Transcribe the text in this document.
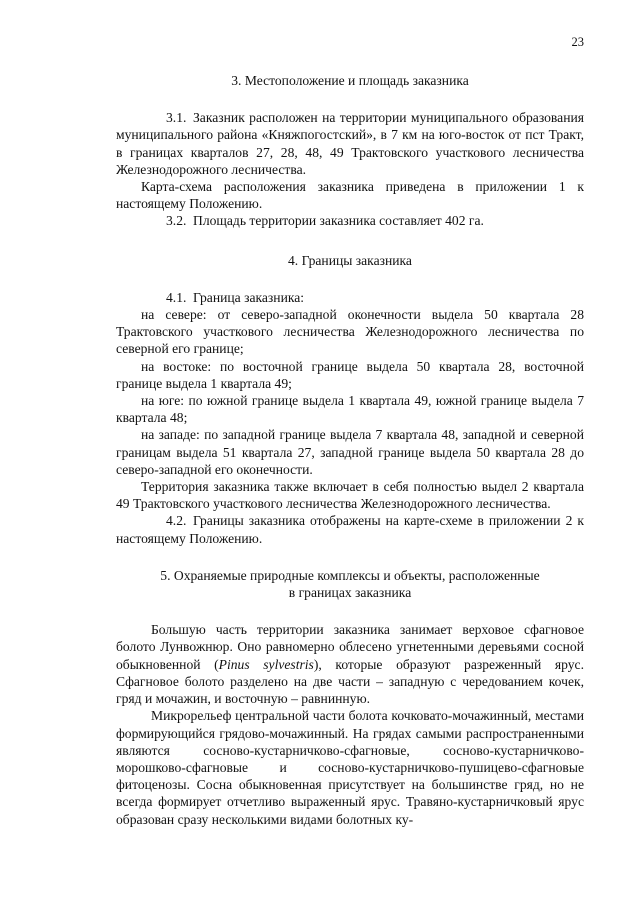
23
3. Местоположение и площадь заказника

3.1. Заказник расположен на территории муниципального образования муниципального района «Княжпогостский», в 7 км на юго-восток от пст Тракт, в границах кварталов 27, 28, 48, 49 Трактовского участкового лесничества Железнодорожного лесничества.

Карта-схема расположения заказника приведена в приложении 1 к настоящему Положению.

3.2. Площадь территории заказника составляет 402 га.

4. Границы заказника

4.1. Граница заказника:

на севере: от северо-западной оконечности выдела 50 квартала 28 Трактовского участкового лесничества Железнодорожного лесничества по северной его границе;

на востоке: по восточной границе выдела 50 квартала 28, восточной границе выдела 1 квартала 49;

на юге: по южной границе выдела 1 квартала 49, южной границе выдела 7 квартала 48;

на западе: по западной границе выдела 7 квартала 48, западной и северной границам выдела 51 квартала 27, западной границе выдела 50 квартала 28 до северо-западной его оконечности.

Территория заказника также включает в себя полностью выдел 2 квартала 49 Трактовского участкового лесничества Железнодорожного лесничества.

4.2. Границы заказника отображены на карте-схеме в приложении 2 к настоящему Положению.

5. Охраняемые природные комплексы и объекты, расположенные
в границах заказника

Большую часть территории заказника занимает верховое сфагновое болото Лунвожнюр. Оно равномерно облесено угнетенными деревьями сосной обыкновенной (Pinus sylvestris), которые образуют разреженный ярус. Сфагновое болото разделено на две части – западную с чередованием кочек, гряд и мочажин, и восточную – равнинную.

Микрорельеф центральной части болота кочковато-мочажинный, местами формирующийся грядово-мочажинный. На грядах самыми распространенными являются сосново-кустарничково-сфагновые, сосново-кустарничково-морошково-сфагновые и сосново-кустарничково-пушицево-сфагновые фитоценозы. Сосна обыкновенная присутствует на большинстве гряд, но не всегда формирует отчетливо выраженный ярус. Травяно-кустарничковый ярус образован сразу несколькими видами болотных ку-
